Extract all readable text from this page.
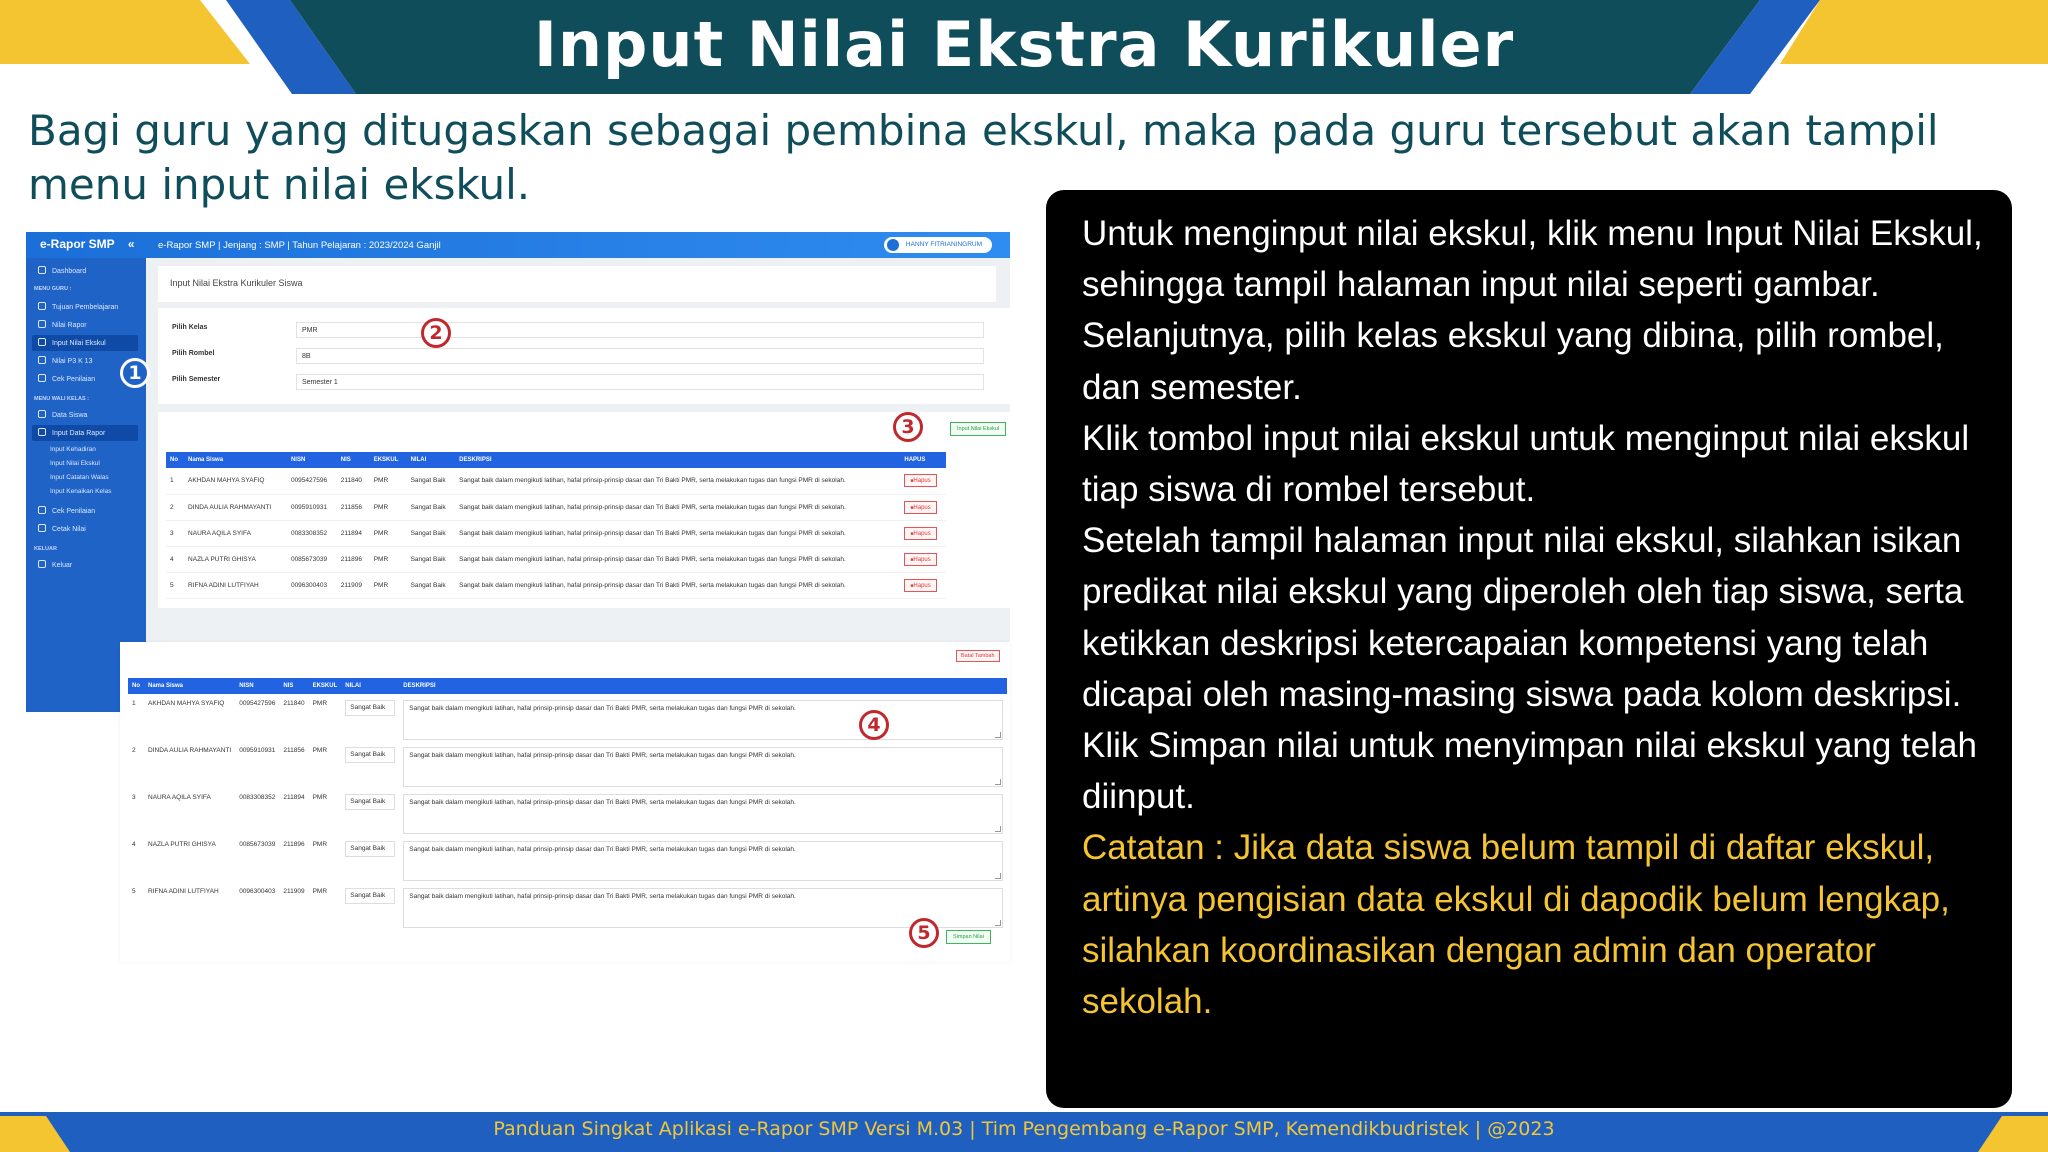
Input Nilai Ekstra Kurikuler
Bagi guru yang ditugaskan sebagai pembina ekskul, maka pada guru tersebut akan tampil menu input nilai ekskul.
e-Rapor SMP « e-Rapor SMP | Jenjang : SMP | Tahun Pelajaran : 2023/2024 Ganjil	HANNY FITRIANINGRUM
Dashboard
MENU GURU :
Tujuan Pembelajaran
Nilai Rapor
Input Nilai Ekskul
Nilai P3 K 13
Cek Penilaian
MENU WALI KELAS :
Data Siswa
Input Data Rapor
Input Kehadiran
Input Nilai Ekskul
Input Catatan Walas
Input Kenaikan Kelas
Cek Penilaian
Cetak Nilai
KELUAR
Keluar
Input Nilai Ekstra Kurikuler Siswa
Pilih Kelas	PMR
Pilih Rombel	8B
Pilih Semester	Semester 1
Input Nilai Ekskul
No	Nama Siswa	NISN	NIS	EKSKUL	NILAI	DESKRIPSI	HAPUS
1	AKHDAN MAHYA SYAFIQ	0095427596	211840	PMR	Sangat Baik	Sangat baik dalam mengikuti latihan, hafal prinsip-prinsip dasar dan Tri Bakti PMR, serta melakukan tugas dan fungsi PMR di sekolah.	■ Hapus
2	DINDA AULIA RAHMAYANTI	0095910931	211856	PMR	Sangat Baik	Sangat baik dalam mengikuti latihan, hafal prinsip-prinsip dasar dan Tri Bakti PMR, serta melakukan tugas dan fungsi PMR di sekolah.	■ Hapus
3	NAURA AQILA SYIFA	0083308352	211894	PMR	Sangat Baik	Sangat baik dalam mengikuti latihan, hafal prinsip-prinsip dasar dan Tri Bakti PMR, serta melakukan tugas dan fungsi PMR di sekolah.	■ Hapus
4	NAZLA PUTRI GHISYA	0085673039	211896	PMR	Sangat Baik	Sangat baik dalam mengikuti latihan, hafal prinsip-prinsip dasar dan Tri Bakti PMR, serta melakukan tugas dan fungsi PMR di sekolah.	■ Hapus
5	RIFNA ADINI LUTFIYAH	0096300403	211909	PMR	Sangat Baik	Sangat baik dalam mengikuti latihan, hafal prinsip-prinsip dasar dan Tri Bakti PMR, serta melakukan tugas dan fungsi PMR di sekolah.	■ Hapus
Batal Tambah
No	Nama Siswa	NISN	NIS	EKSKUL	NILAI	DESKRIPSI
1	AKHDAN MAHYA SYAFIQ	0095427596	211840	PMR	Sangat Baik	Sangat baik dalam mengikuti latihan, hafal prinsip-prinsip dasar dan Tri Bakti PMR, serta melakukan tugas dan fungsi PMR di sekolah.

2	DINDA AULIA RAHMAYANTI	0095910931	211856	PMR	Sangat Baik	Sangat baik dalam mengikuti latihan, hafal prinsip-prinsip dasar dan Tri Bakti PMR, serta melakukan tugas dan fungsi PMR di sekolah.

3	NAURA AQILA SYIFA	0083308352	211894	PMR	Sangat Baik	Sangat baik dalam mengikuti latihan, hafal prinsip-prinsip dasar dan Tri Bakti PMR, serta melakukan tugas dan fungsi PMR di sekolah.

4	NAZLA PUTRI GHISYA	0085673039	211896	PMR	Sangat Baik	Sangat baik dalam mengikuti latihan, hafal prinsip-prinsip dasar dan Tri Bakti PMR, serta melakukan tugas dan fungsi PMR di sekolah.

5	RIFNA ADINI LUTFIYAH	0096300403	211909	PMR	Sangat Baik	Sangat baik dalam mengikuti latihan, hafal prinsip-prinsip dasar dan Tri Bakti PMR, serta melakukan tugas dan fungsi PMR di sekolah.
Simpan Nilai
1
2
3
4
5

Untuk menginput nilai ekskul, klik menu Input Nilai Ekskul, sehingga tampil halaman input nilai seperti gambar.

Selanjutnya, pilih kelas ekskul yang dibina, pilih rombel, dan semester.

Klik tombol input nilai ekskul untuk menginput nilai ekskul tiap siswa di rombel tersebut.

Setelah tampil halaman input nilai ekskul, silahkan isikan predikat nilai ekskul yang diperoleh oleh tiap siswa, serta ketikkan deskripsi ketercapaian kompetensi yang telah dicapai oleh masing-masing siswa pada kolom deskripsi. Klik Simpan nilai untuk menyimpan nilai ekskul yang telah diinput.

Catatan : Jika data siswa belum tampil di daftar ekskul, artinya pengisian data ekskul di dapodik belum lengkap, silahkan koordinasikan dengan admin dan operator sekolah.

Panduan Singkat Aplikasi e-Rapor SMP Versi M.03 | Tim Pengembang e-Rapor SMP, Kemendikbudristek | @2023
